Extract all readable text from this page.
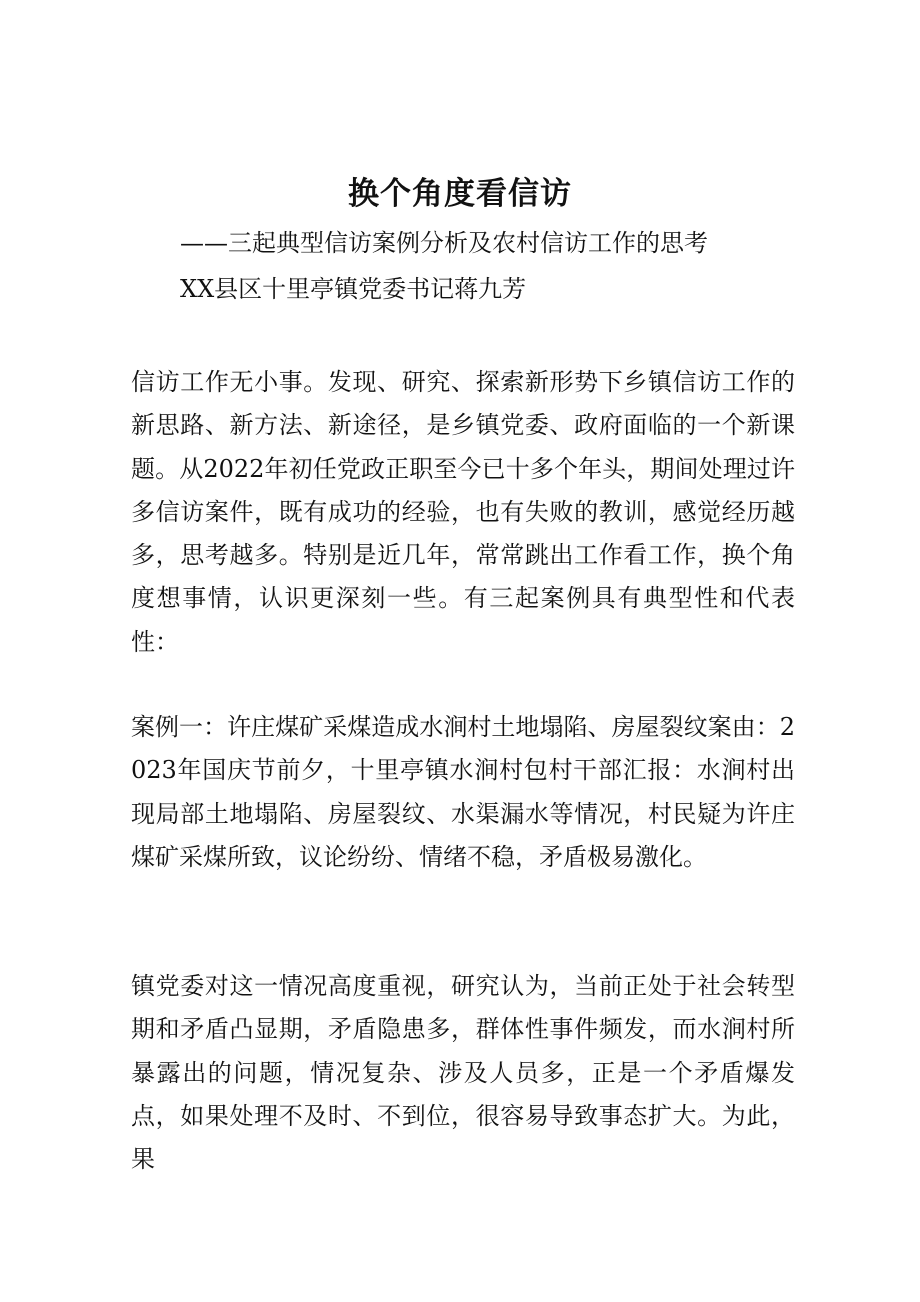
换个角度看信访
——三起典型信访案例分析及农村信访工作的思考
XX县区十里亭镇党委书记蒋九芳

信访工作无小事。发现、研究、探索新形势下乡镇信访工作的新思路、新方法、新途径，是乡镇党委、政府面临的一个新课题。从2022年初任党政正职至今已十多个年头，期间处理过许多信访案件，既有成功的经验，也有失败的教训，感觉经历越多，思考越多。特别是近几年，常常跳出工作看工作，换个角度想事情，认识更深刻一些。有三起案例具有典型性和代表性：

案例一：许庄煤矿采煤造成水涧村土地塌陷、房屋裂纹案由：2023年国庆节前夕，十里亭镇水涧村包村干部汇报：水涧村出现局部土地塌陷、房屋裂纹、水渠漏水等情况，村民疑为许庄煤矿采煤所致，议论纷纷、情绪不稳，矛盾极易激化。

镇党委对这一情况高度重视，研究认为，当前正处于社会转型期和矛盾凸显期，矛盾隐患多，群体性事件频发，而水涧村所暴露出的问题，情况复杂、涉及人员多，正是一个矛盾爆发点，如果处理不及时、不到位，很容易导致事态扩大。为此，果
